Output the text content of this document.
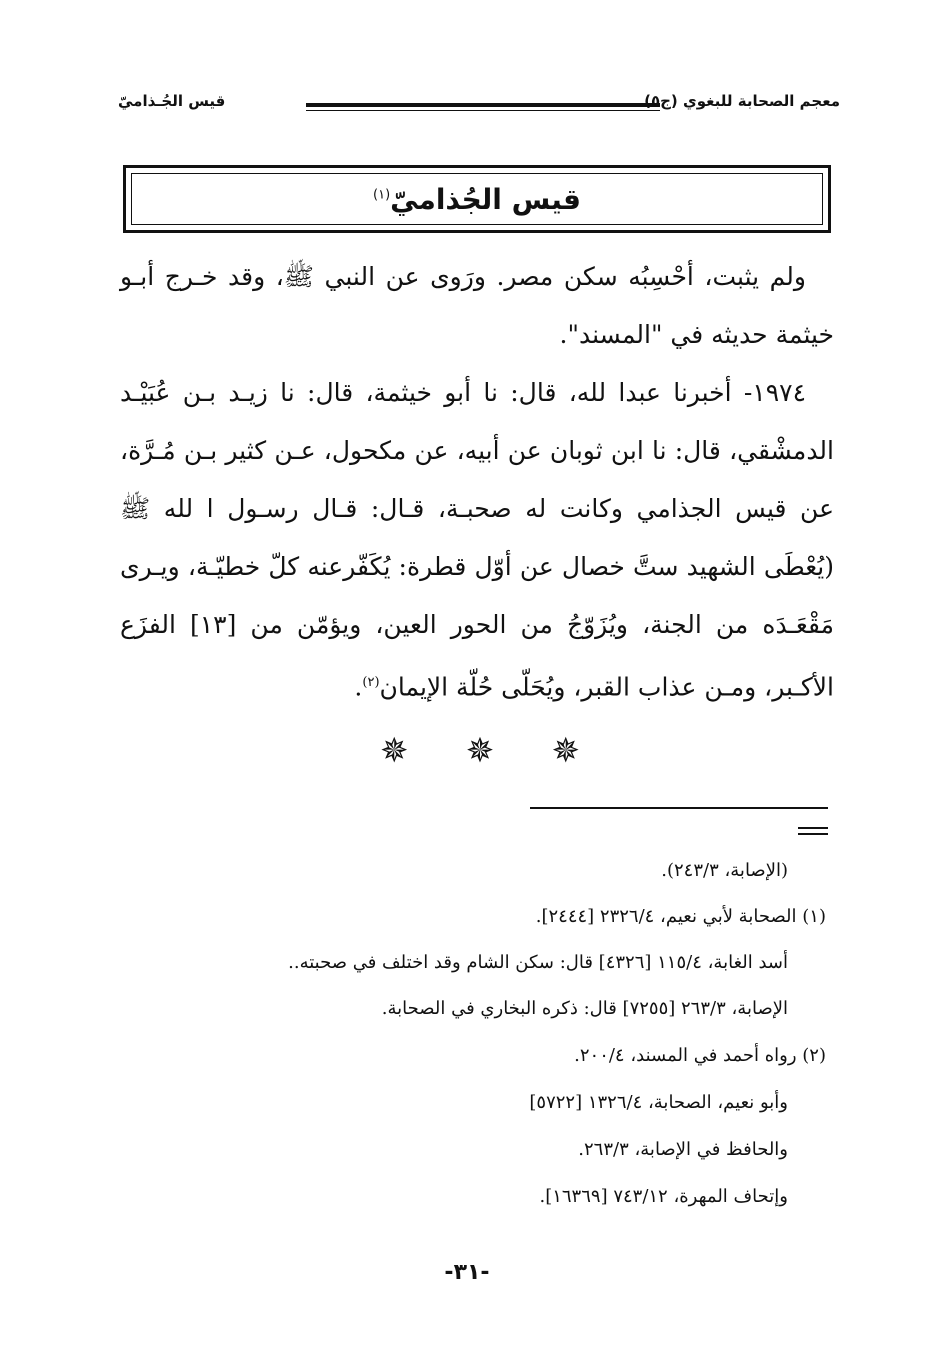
معجم الصحابة للبغوي (ج٥)
قيس الجُـذاميّ
قيس الجُذاميّ$^{(١)}$

ولم يثبت، أحْسِبُه سكن مصر. ورَوى عن النبي ﷺ، وقد خـرج أبـو خيثمة حديثه في "المسند".

١٩٧٤- أخبرنا عبدا لله، قال: نا أبو خيثمة، قال: نا زيـد بـن عُبَيْـد الدمشْقي، قال: نا ابن ثوبان عن أبيه، عن مكحول، عـن كثير بـن مُـرَّة، عن قيس الجذامي وكانت له صحبـة، قـال: قـال رسـول ا لله ﷺ (يُعْطَى الشهيد ستَّ خصال عن أوّل قطرة: يُكَفّرعنه كلّ خطيّـة، ويـرى مَقْعَـدَه من الجنة، ويُزَوّجُ من الحور العين، ويؤمّن من [١٣] الفزَع الأكـبر، ومـن عذاب القبر، ويُحَلّى حُلّة الإيمان$^{(٢)}$.

✵ ✵ ✵
(الإصابة، ٢٤٣/٣).
(١) الصحابة لأبي نعيم، ٢٣٢٦/٤ [٢٤٤٤].
أسد الغابة، ١١٥/٤ [٤٣٢٦] قال: سكن الشام وقد اختلف في صحبته..
الإصابة، ٢٦٣/٣ [٧٢٥٥] قال: ذكره البخاري في الصحابة.
(٢) رواه أحمد في المسند، ٢٠٠/٤.
وأبو نعيم، الصحابة، ١٣٢٦/٤ [٥٧٢٢]
والحافظ في الإصابة، ٢٦٣/٣.
وإتحاف المهرة، ٧٤٣/١٢ [١٦٣٦٩].
-٣١-
